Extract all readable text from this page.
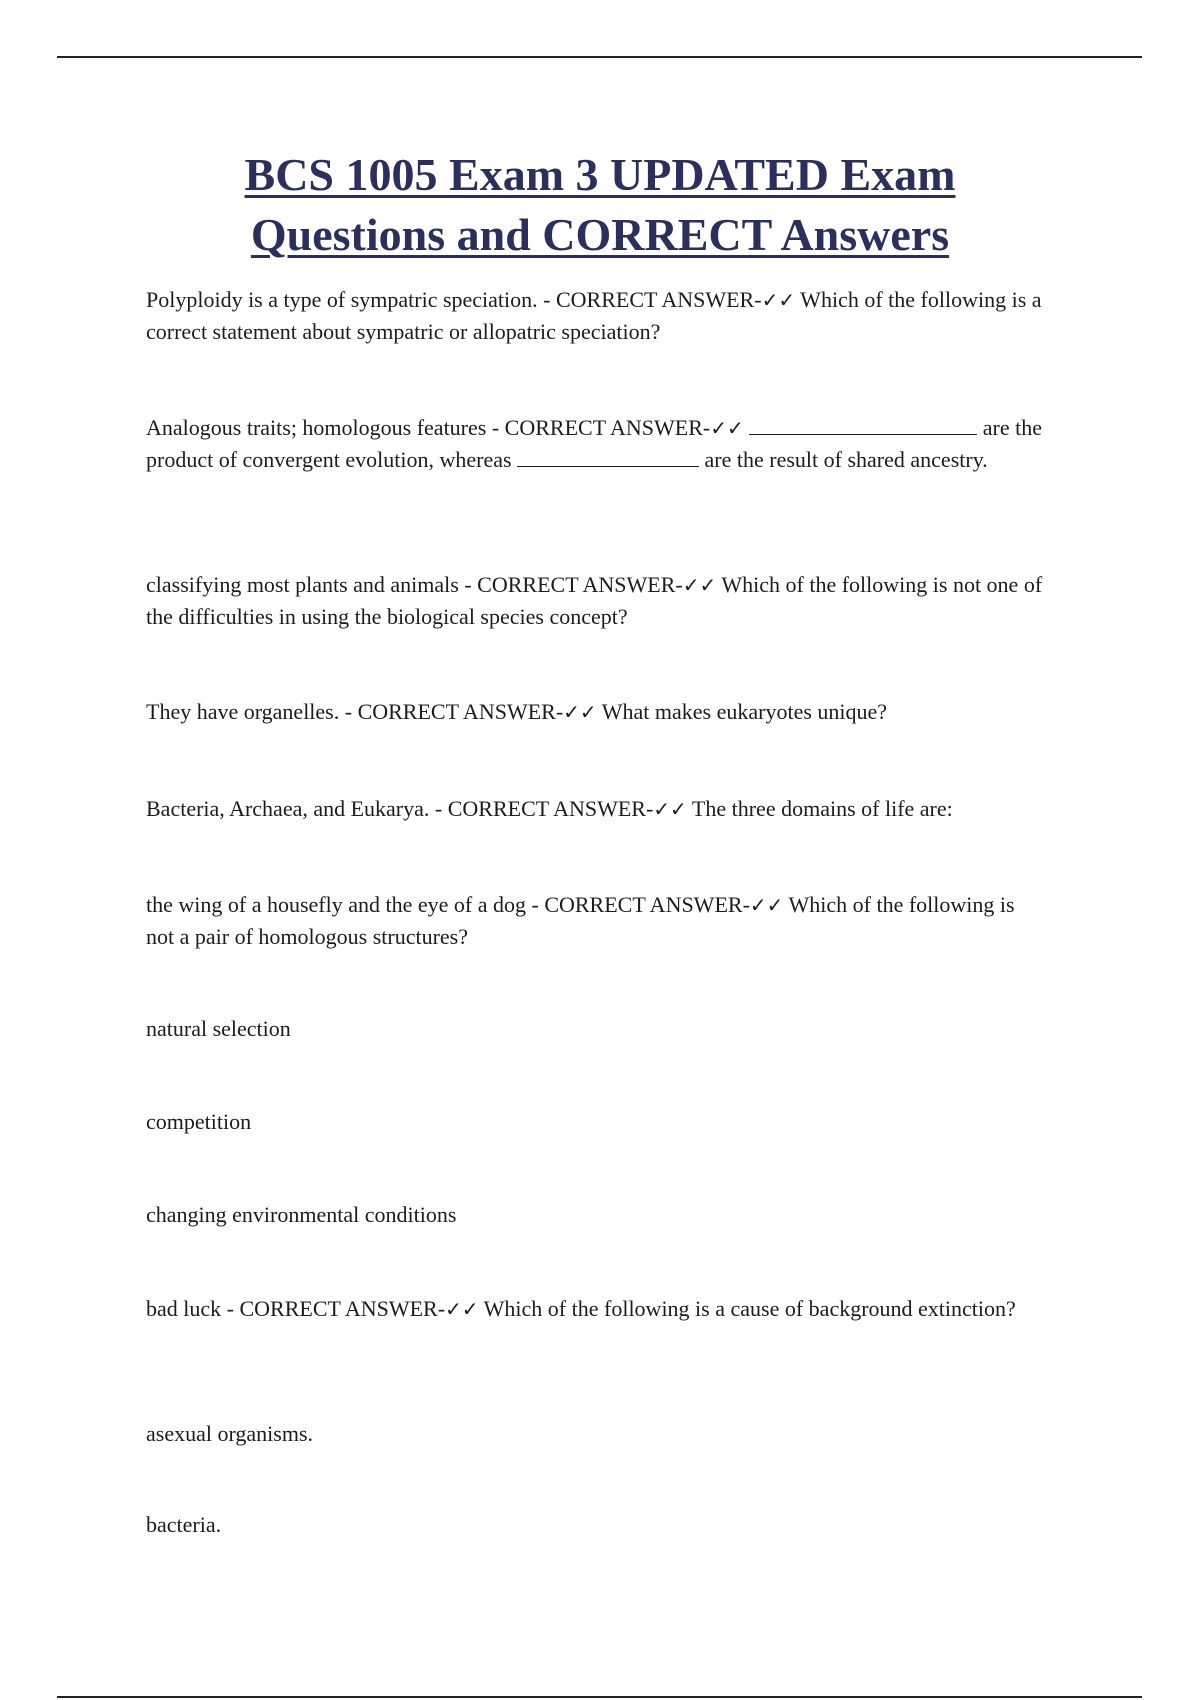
BCS 1005 Exam 3 UPDATED Exam
Questions and CORRECT Answers

Polyploidy is a type of sympatric speciation. - CORRECT ANSWER-✓✓ Which of the following is a correct statement about sympatric or allopatric speciation?

Analogous traits; homologous features - CORRECT ANSWER-✓✓	are the product of convergent evolution, whereas	are the result of shared ancestry.

classifying most plants and animals - CORRECT ANSWER-✓✓ Which of the following is not one of the difficulties in using the biological species concept?

They have organelles. - CORRECT ANSWER-✓✓ What makes eukaryotes unique?

Bacteria, Archaea, and Eukarya. - CORRECT ANSWER-✓✓ The three domains of life are:

the wing of a housefly and the eye of a dog - CORRECT ANSWER-✓✓ Which of the following is not a pair of homologous structures?

natural selection

competition

changing environmental conditions

bad luck - CORRECT ANSWER-✓✓ Which of the following is a cause of background extinction?

asexual organisms.

bacteria.
